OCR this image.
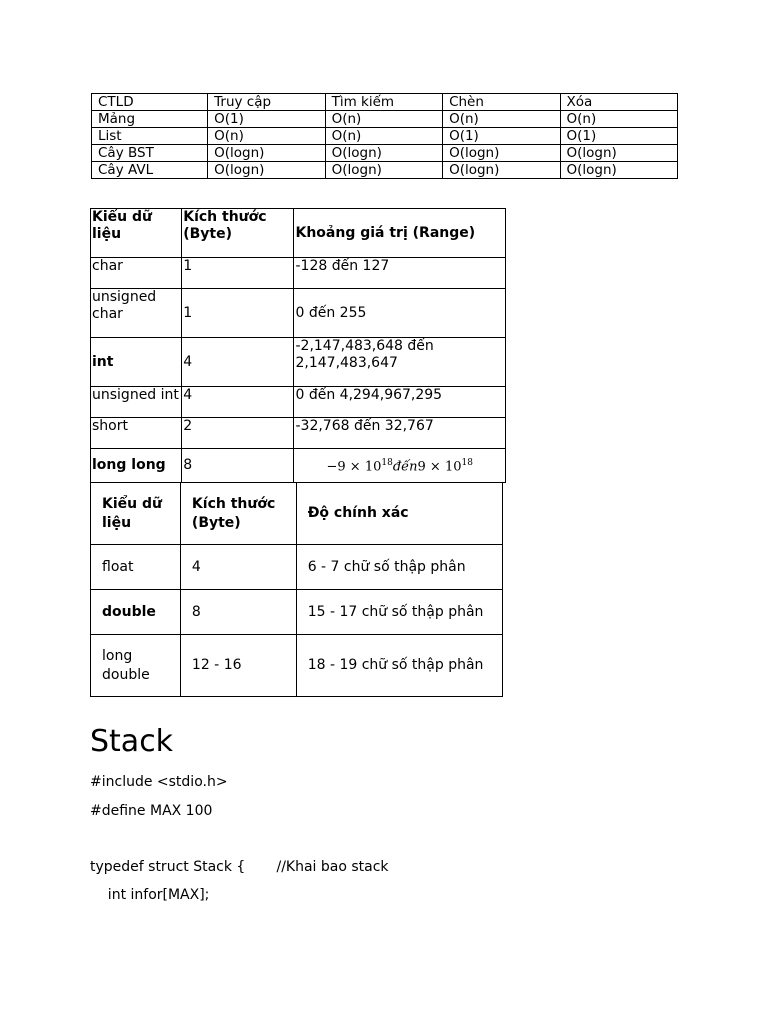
CTLD	Truy cập	Tìm kiếm	Chèn	Xóa
Mảng	O(1)	O(n)	O(n)	O(n)
List	O(n)	O(n)	O(1)	O(1)
Cây BST	O(logn)	O(logn)	O(logn)	O(logn)
Cây AVL	O(logn)	O(logn)	O(logn)	O(logn)
Kiểu dữ liệu	Kích thước (Byte)	Khoảng giá trị (Range)
char	1	-128 đến 127
unsigned char	1	0 đến 255
int	4	-2,147,483,648 đến 2,147,483,647
unsigned int	4	0 đến 4,294,967,295
short	2	-32,768 đến 32,767
long long	8	$-9 \times 10^{18}đến9 \times 10^{18}$
Kiểu dữ liệu	Kích thước (Byte)	Độ chính xác
float	4	6 - 7 chữ số thập phân
double	8	15 - 17 chữ số thập phân
long double	12 - 16	18 - 19 chữ số thập phân
Stack
#include <stdio.h>
#define MAX 100
typedef struct Stack {       //Khai bao stack
int infor[MAX];
